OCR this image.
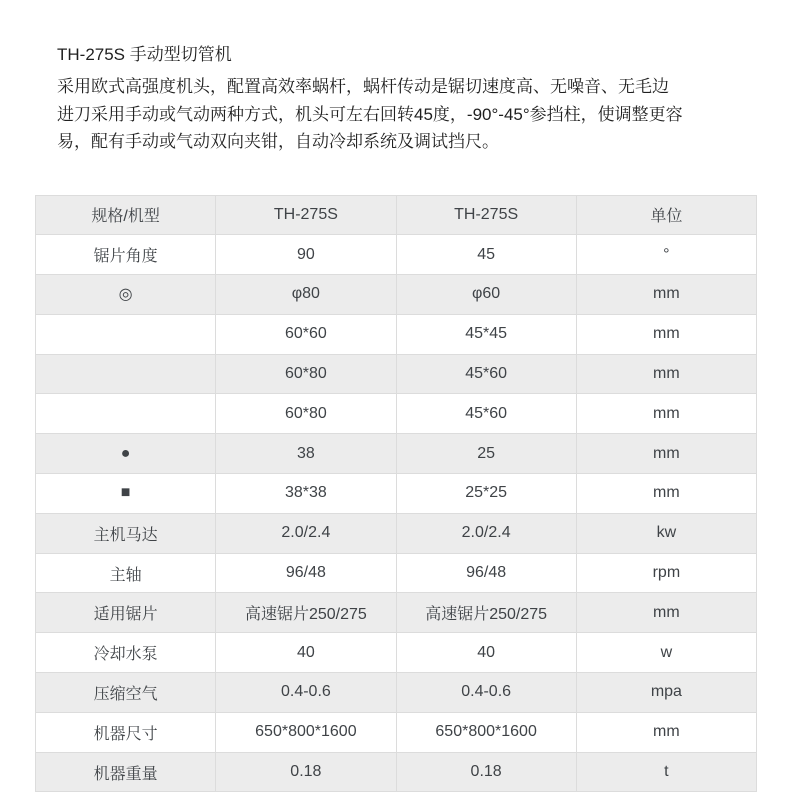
TH-275S 手动型切管机
采用欧式高强度机头，配置高效率蜗杆，蜗杆传动是锯切速度高、无噪音、无毛边
进刀采用手动或气动两种方式，机头可左右回转45度，-90°-45°参挡柱，使调整更容
易，配有手动或气动双向夹钳，自动冷却系统及调试挡尺。
规格/机型	TH-275S	TH-275S	单位
锯片角度	90	45	°
◎	φ80	φ60	mm
	60*60	45*45	mm
	60*80	45*60	mm
	60*80	45*60	mm
●	38	25	mm
■	38*38	25*25	mm
主机马达	2.0/2.4	2.0/2.4	kw
主轴	96/48	96/48	rpm
适用锯片	高速锯片250/275	高速锯片250/275	mm
冷却水泵	40	40	w
压缩空气	0.4-0.6	0.4-0.6	mpa
机器尺寸	650*800*1600	650*800*1600	mm
机器重量	0.18	0.18	t
